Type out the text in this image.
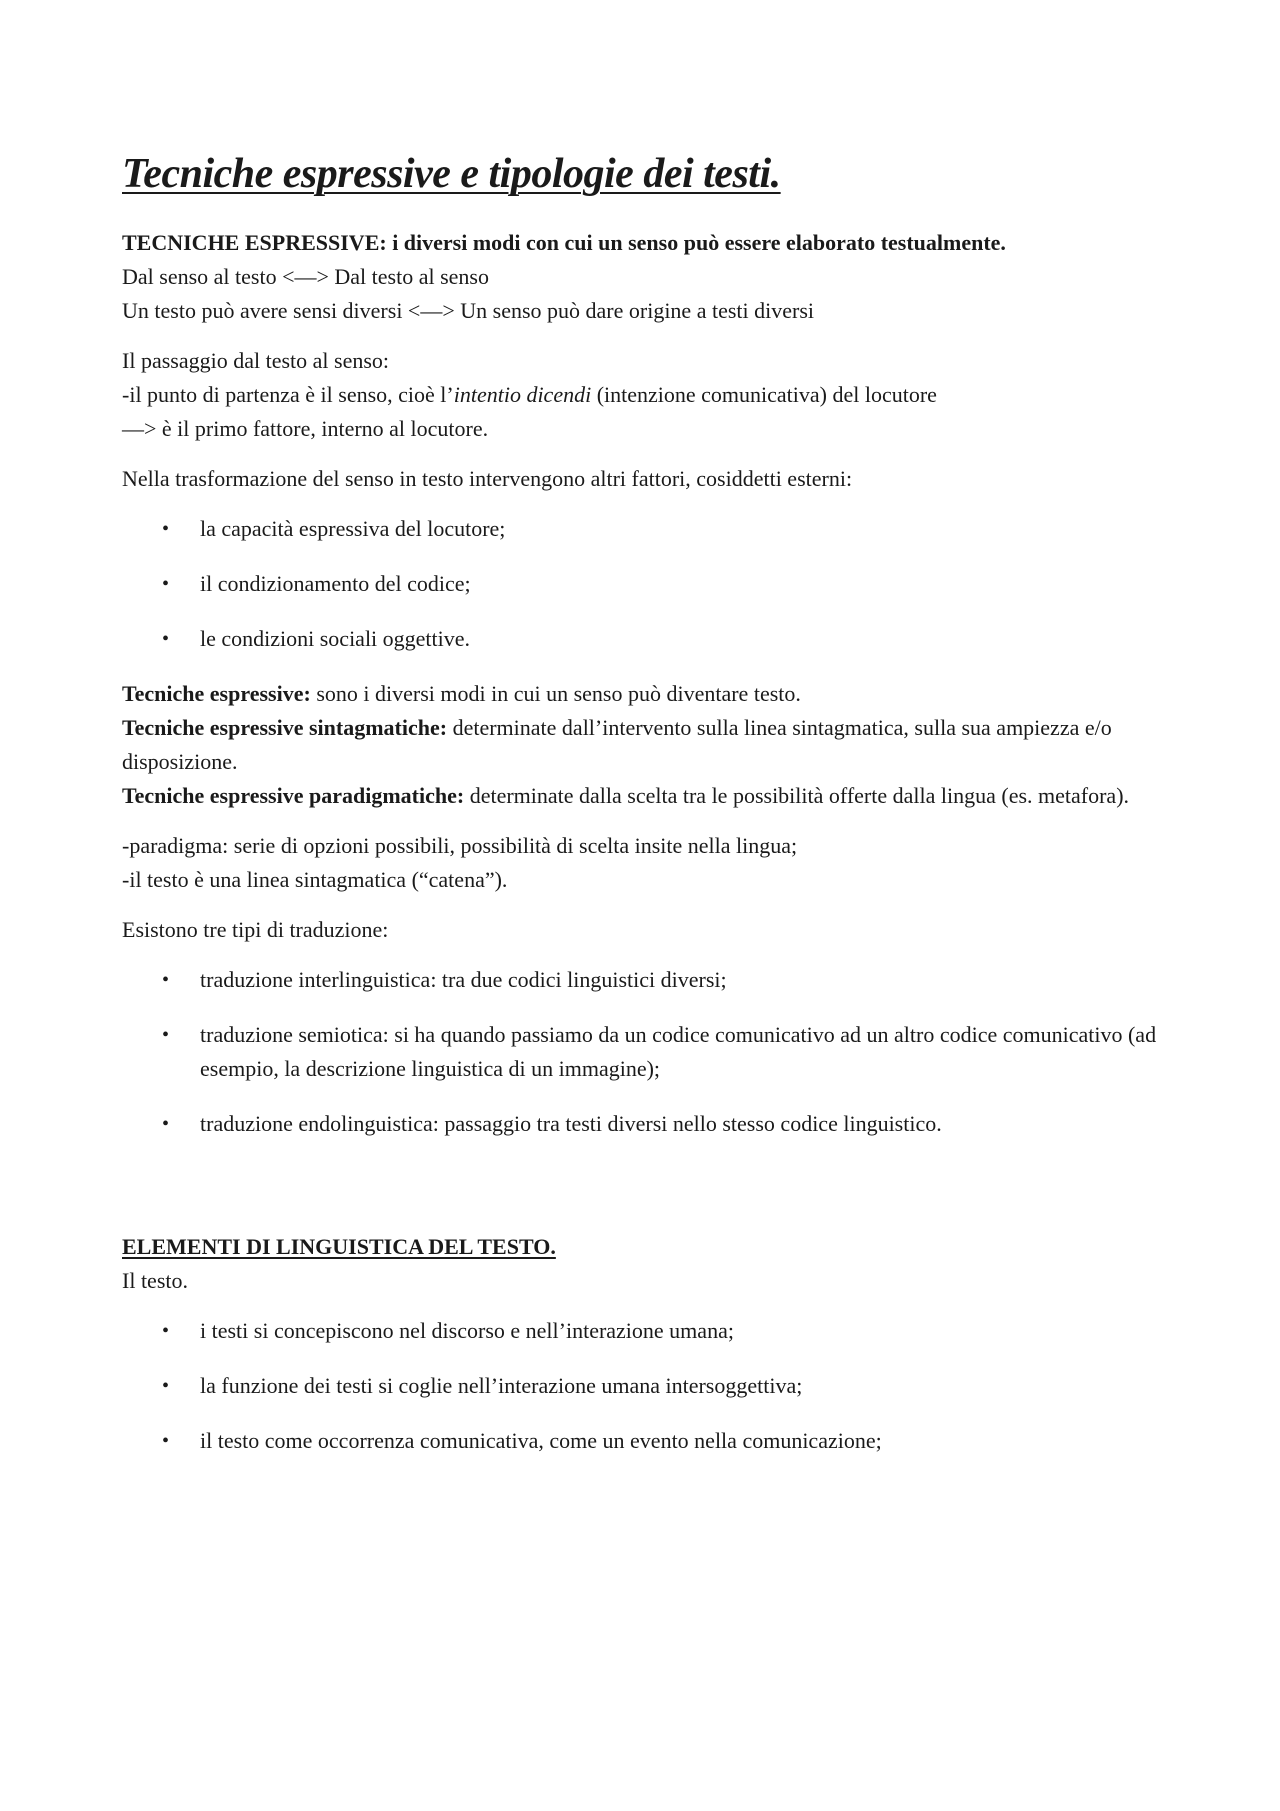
Tecniche espressive e tipologie dei testi.

TECNICHE ESPRESSIVE: i diversi modi con cui un senso può essere elaborato testualmente.

Dal senso al testo <—> Dal testo al senso

Un testo può avere sensi diversi <—> Un senso può dare origine a testi diversi

Il passaggio dal testo al senso:

-il punto di partenza è il senso, cioè l’intentio dicendi (intenzione comunicativa) del locutore

—> è il primo fattore, interno al locutore.

Nella trasformazione del senso in testo intervengono altri fattori, cosiddetti esterni:

• la capacità espressiva del locutore;
• il condizionamento del codice;
• le condizioni sociali oggettive.

Tecniche espressive: sono i diversi modi in cui un senso può diventare testo.

Tecniche espressive sintagmatiche: determinate dall’intervento sulla linea sintagmatica, sulla sua ampiezza e/o disposizione.

Tecniche espressive paradigmatiche: determinate dalla scelta tra le possibilità offerte dalla lingua (es. metafora).

-paradigma: serie di opzioni possibili, possibilità di scelta insite nella lingua;

-il testo è una linea sintagmatica (“catena”).

Esistono tre tipi di traduzione:

• traduzione interlinguistica: tra due codici linguistici diversi;
• traduzione semiotica: si ha quando passiamo da un codice comunicativo ad un altro codice comunicativo (ad esempio, la descrizione linguistica di un immagine);
• traduzione endolinguistica: passaggio tra testi diversi nello stesso codice linguistico.

ELEMENTI DI LINGUISTICA DEL TESTO.

Il testo.

• i testi si concepiscono nel discorso e nell’interazione umana;
• la funzione dei testi si coglie nell’interazione umana intersoggettiva;
• il testo come occorrenza comunicativa, come un evento nella comunicazione;
